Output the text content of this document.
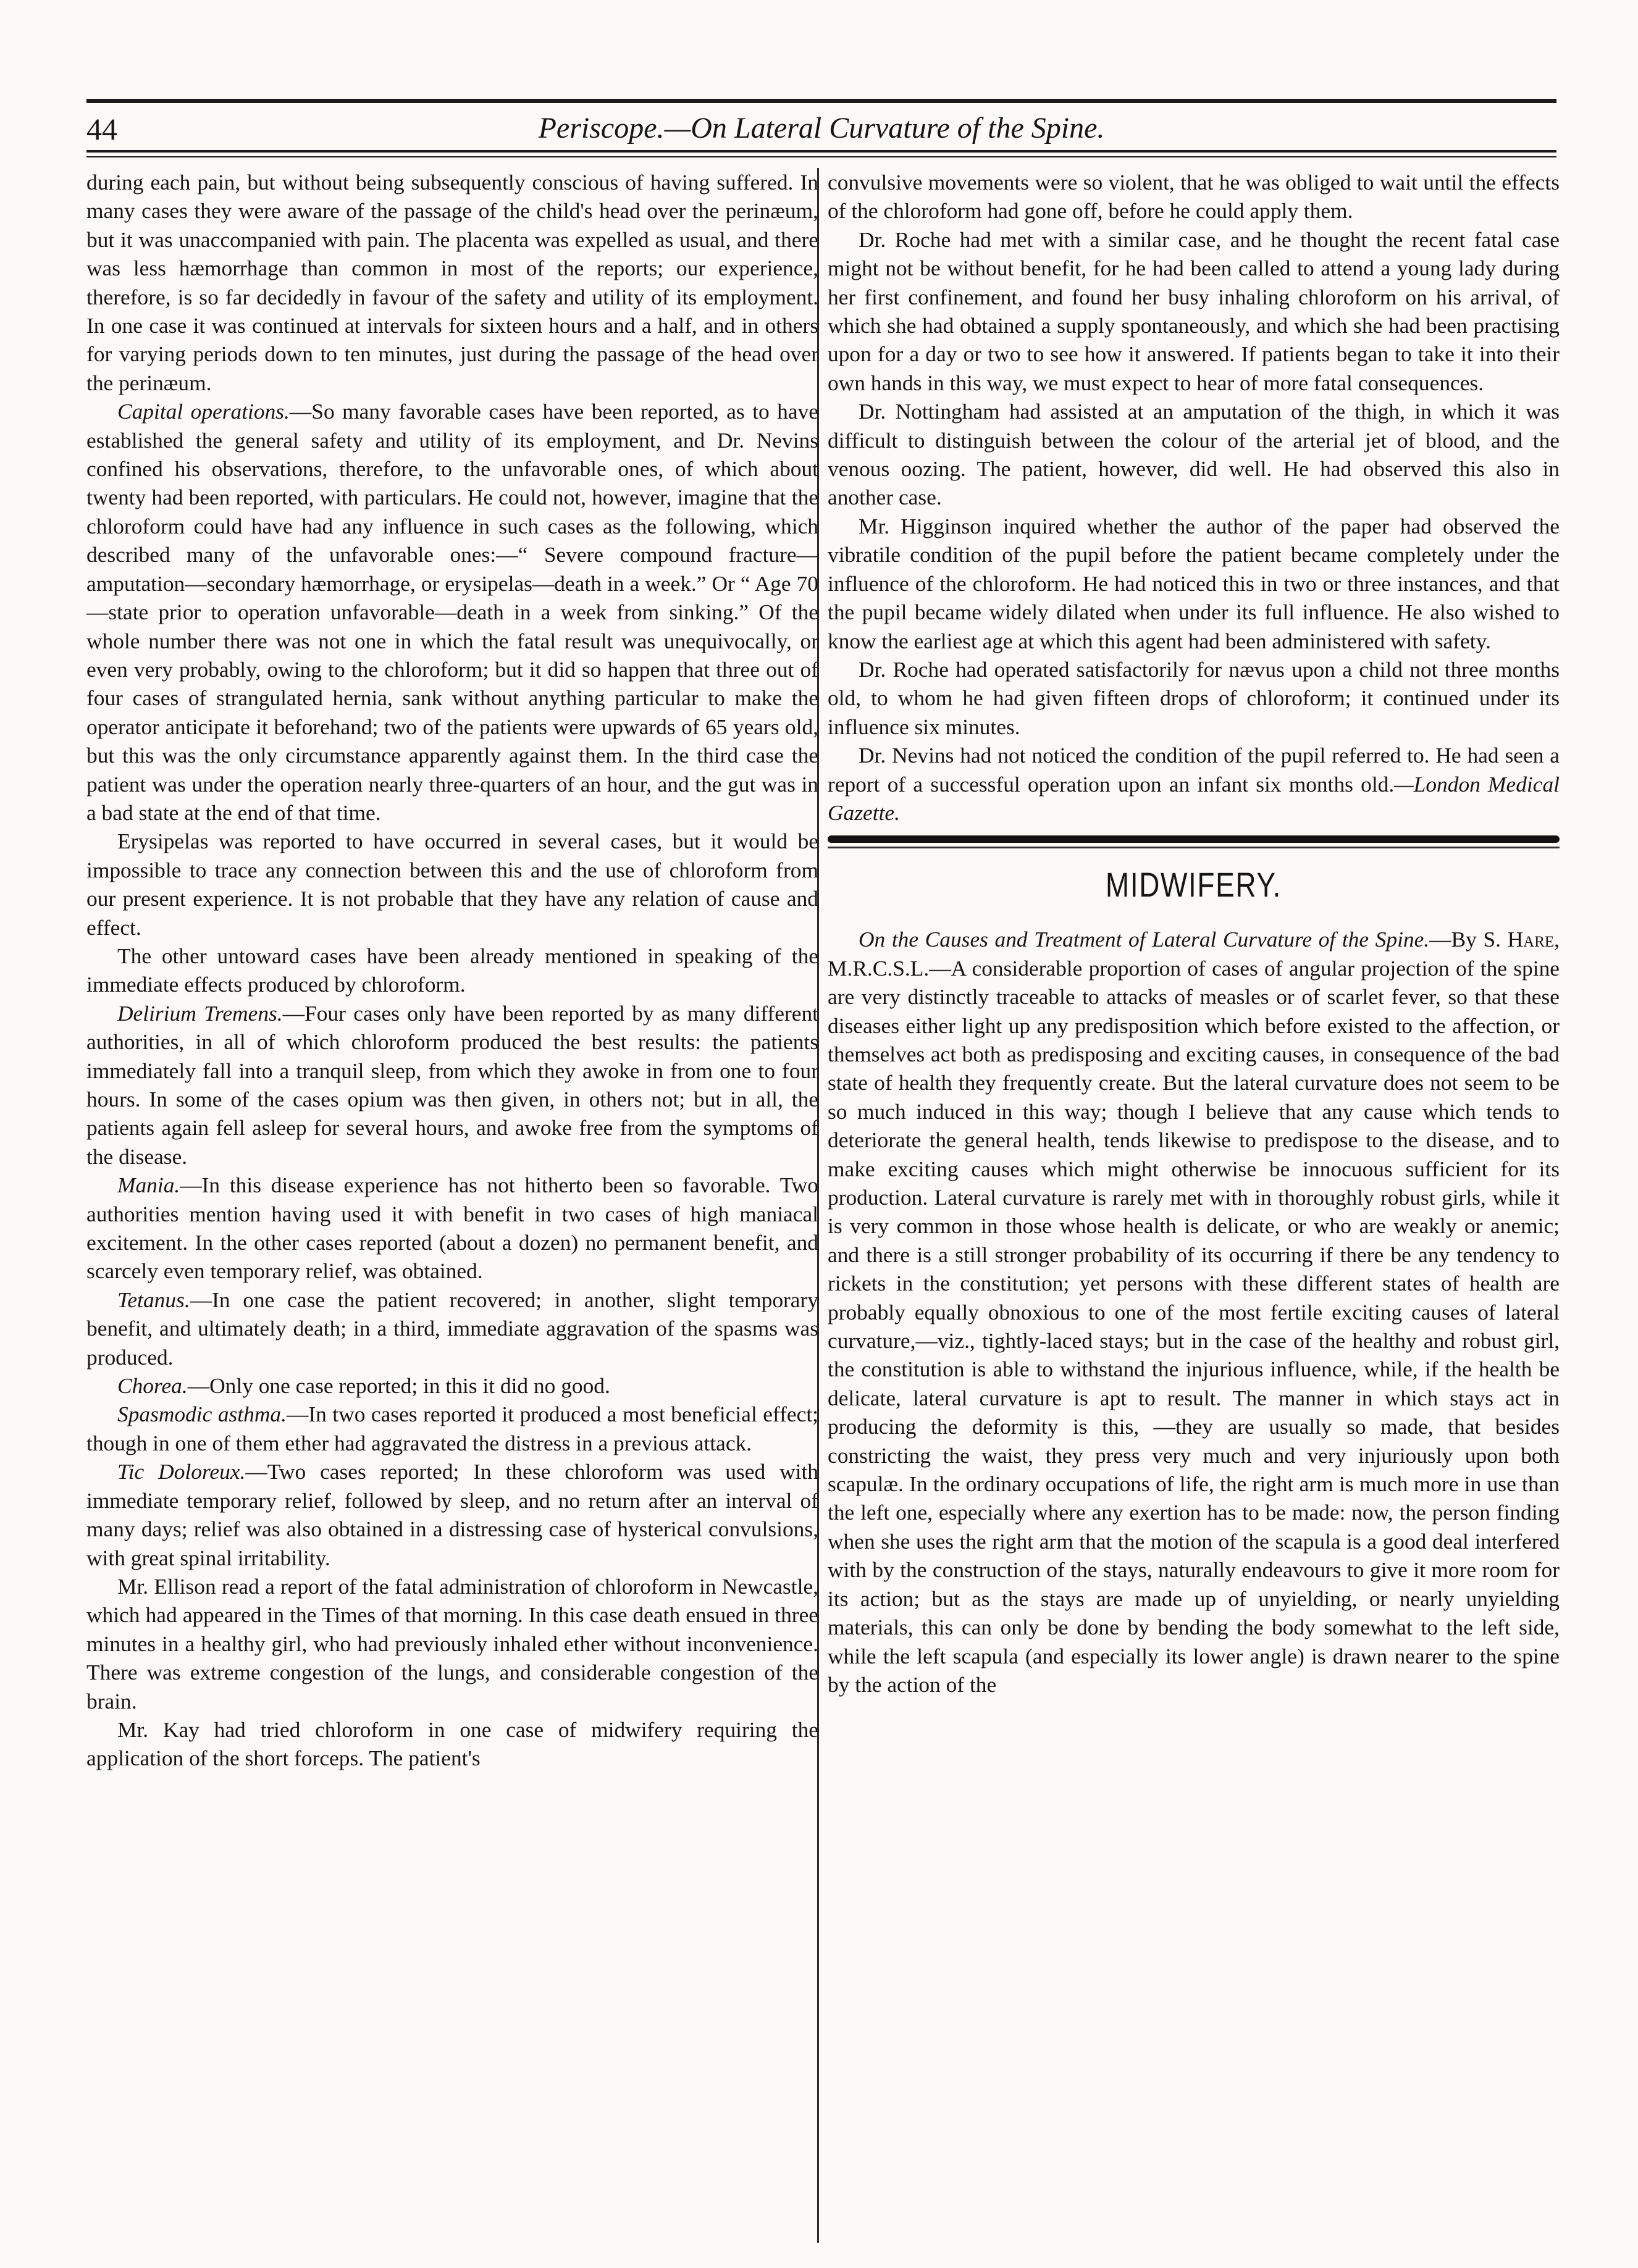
44	Periscope.—On Lateral Curvature of the Spine.

during each pain, but without being subsequently conscious of having suffered. In many cases they were aware of the passage of the child's head over the perinæum, but it was unaccompanied with pain. The placenta was expelled as usual, and there was less hæmorrhage than common in most of the reports; our experience, therefore, is so far decidedly in favour of the safety and utility of its employment. In one case it was continued at intervals for sixteen hours and a half, and in others for varying periods down to ten minutes, just during the passage of the head over the perinæum.

Capital operations.—So many favorable cases have been reported, as to have established the general safety and utility of its employment, and Dr. Nevins confined his observations, therefore, to the unfavorable ones, of which about twenty had been reported, with particulars. He could not, however, imagine that the chloroform could have had any influence in such cases as the following, which described many of the unfavorable ones:—“ Severe compound fracture—amputation—secondary hæmorrhage, or erysipelas—death in a week.” Or “ Age 70—state prior to operation unfavorable—death in a week from sinking.” Of the whole number there was not one in which the fatal result was unequivocally, or even very probably, owing to the chloroform; but it did so happen that three out of four cases of strangulated hernia, sank without anything particular to make the operator anticipate it beforehand; two of the patients were upwards of 65 years old, but this was the only circumstance apparently against them. In the third case the patient was under the operation nearly three-quarters of an hour, and the gut was in a bad state at the end of that time.

Erysipelas was reported to have occurred in several cases, but it would be impossible to trace any connection between this and the use of chloroform from our present experience. It is not probable that they have any relation of cause and effect.

The other untoward cases have been already mentioned in speaking of the immediate effects produced by chloroform.

Delirium Tremens.—Four cases only have been reported by as many different authorities, in all of which chloroform produced the best results: the patients immediately fall into a tranquil sleep, from which they awoke in from one to four hours. In some of the cases opium was then given, in others not; but in all, the patients again fell asleep for several hours, and awoke free from the symptoms of the disease.

Mania.—In this disease experience has not hitherto been so favorable. Two authorities mention having used it with benefit in two cases of high maniacal excitement. In the other cases reported (about a dozen) no permanent benefit, and scarcely even temporary relief, was obtained.

Tetanus.—In one case the patient recovered; in another, slight temporary benefit, and ultimately death; in a third, immediate aggravation of the spasms was produced.

Chorea.—Only one case reported; in this it did no good.

Spasmodic asthma.—In two cases reported it produced a most beneficial effect; though in one of them ether had aggravated the distress in a previous attack.

Tic Doloreux.—Two cases reported; In these chloroform was used with immediate temporary relief, followed by sleep, and no return after an interval of many days; relief was also obtained in a distressing case of hysterical convulsions, with great spinal irritability.

Mr. Ellison read a report of the fatal administration of chloroform in Newcastle, which had appeared in the Times of that morning. In this case death ensued in three minutes in a healthy girl, who had previously inhaled ether without inconvenience. There was extreme congestion of the lungs, and considerable congestion of the brain.

Mr. Kay had tried chloroform in one case of midwifery requiring the application of the short forceps. The patient's

convulsive movements were so violent, that he was obliged to wait until the effects of the chloroform had gone off, before he could apply them.

Dr. Roche had met with a similar case, and he thought the recent fatal case might not be without benefit, for he had been called to attend a young lady during her first confinement, and found her busy inhaling chloroform on his arrival, of which she had obtained a supply spontaneously, and which she had been practising upon for a day or two to see how it answered. If patients began to take it into their own hands in this way, we must expect to hear of more fatal consequences.

Dr. Nottingham had assisted at an amputation of the thigh, in which it was difficult to distinguish between the colour of the arterial jet of blood, and the venous oozing. The patient, however, did well. He had observed this also in another case.

Mr. Higginson inquired whether the author of the paper had observed the vibratile condition of the pupil before the patient became completely under the influence of the chloroform. He had noticed this in two or three instances, and that the pupil became widely dilated when under its full influence. He also wished to know the earliest age at which this agent had been administered with safety.

Dr. Roche had operated satisfactorily for nævus upon a child not three months old, to whom he had given fifteen drops of chloroform; it continued under its influence six minutes.

Dr. Nevins had not noticed the condition of the pupil referred to. He had seen a report of a successful operation upon an infant six months old.—London Medical Gazette.

MIDWIFERY.

On the Causes and Treatment of Lateral Curvature of the Spine.—By S. Hare, M.R.C.S.L.—A considerable proportion of cases of angular projection of the spine are very distinctly traceable to attacks of measles or of scarlet fever, so that these diseases either light up any predisposition which before existed to the affection, or themselves act both as predisposing and exciting causes, in consequence of the bad state of health they frequently create. But the lateral curvature does not seem to be so much induced in this way; though I believe that any cause which tends to deteriorate the general health, tends likewise to predispose to the disease, and to make exciting causes which might otherwise be innocuous sufficient for its production. Lateral curvature is rarely met with in thoroughly robust girls, while it is very common in those whose health is delicate, or who are weakly or anemic; and there is a still stronger probability of its occurring if there be any tendency to rickets in the constitution; yet persons with these different states of health are probably equally obnoxious to one of the most fertile exciting causes of lateral curvature,—viz., tightly-laced stays; but in the case of the healthy and robust girl, the constitution is able to withstand the injurious influence, while, if the health be delicate, lateral curvature is apt to result. The manner in which stays act in producing the deformity is this, —they are usually so made, that besides constricting the waist, they press very much and very injuriously upon both scapulæ. In the ordinary occupations of life, the right arm is much more in use than the left one, especially where any exertion has to be made: now, the person finding when she uses the right arm that the motion of the scapula is a good deal interfered with by the construction of the stays, naturally endeavours to give it more room for its action; but as the stays are made up of unyielding, or nearly unyielding materials, this can only be done by bending the body somewhat to the left side, while the left scapula (and especially its lower angle) is drawn nearer to the spine by the action of the
